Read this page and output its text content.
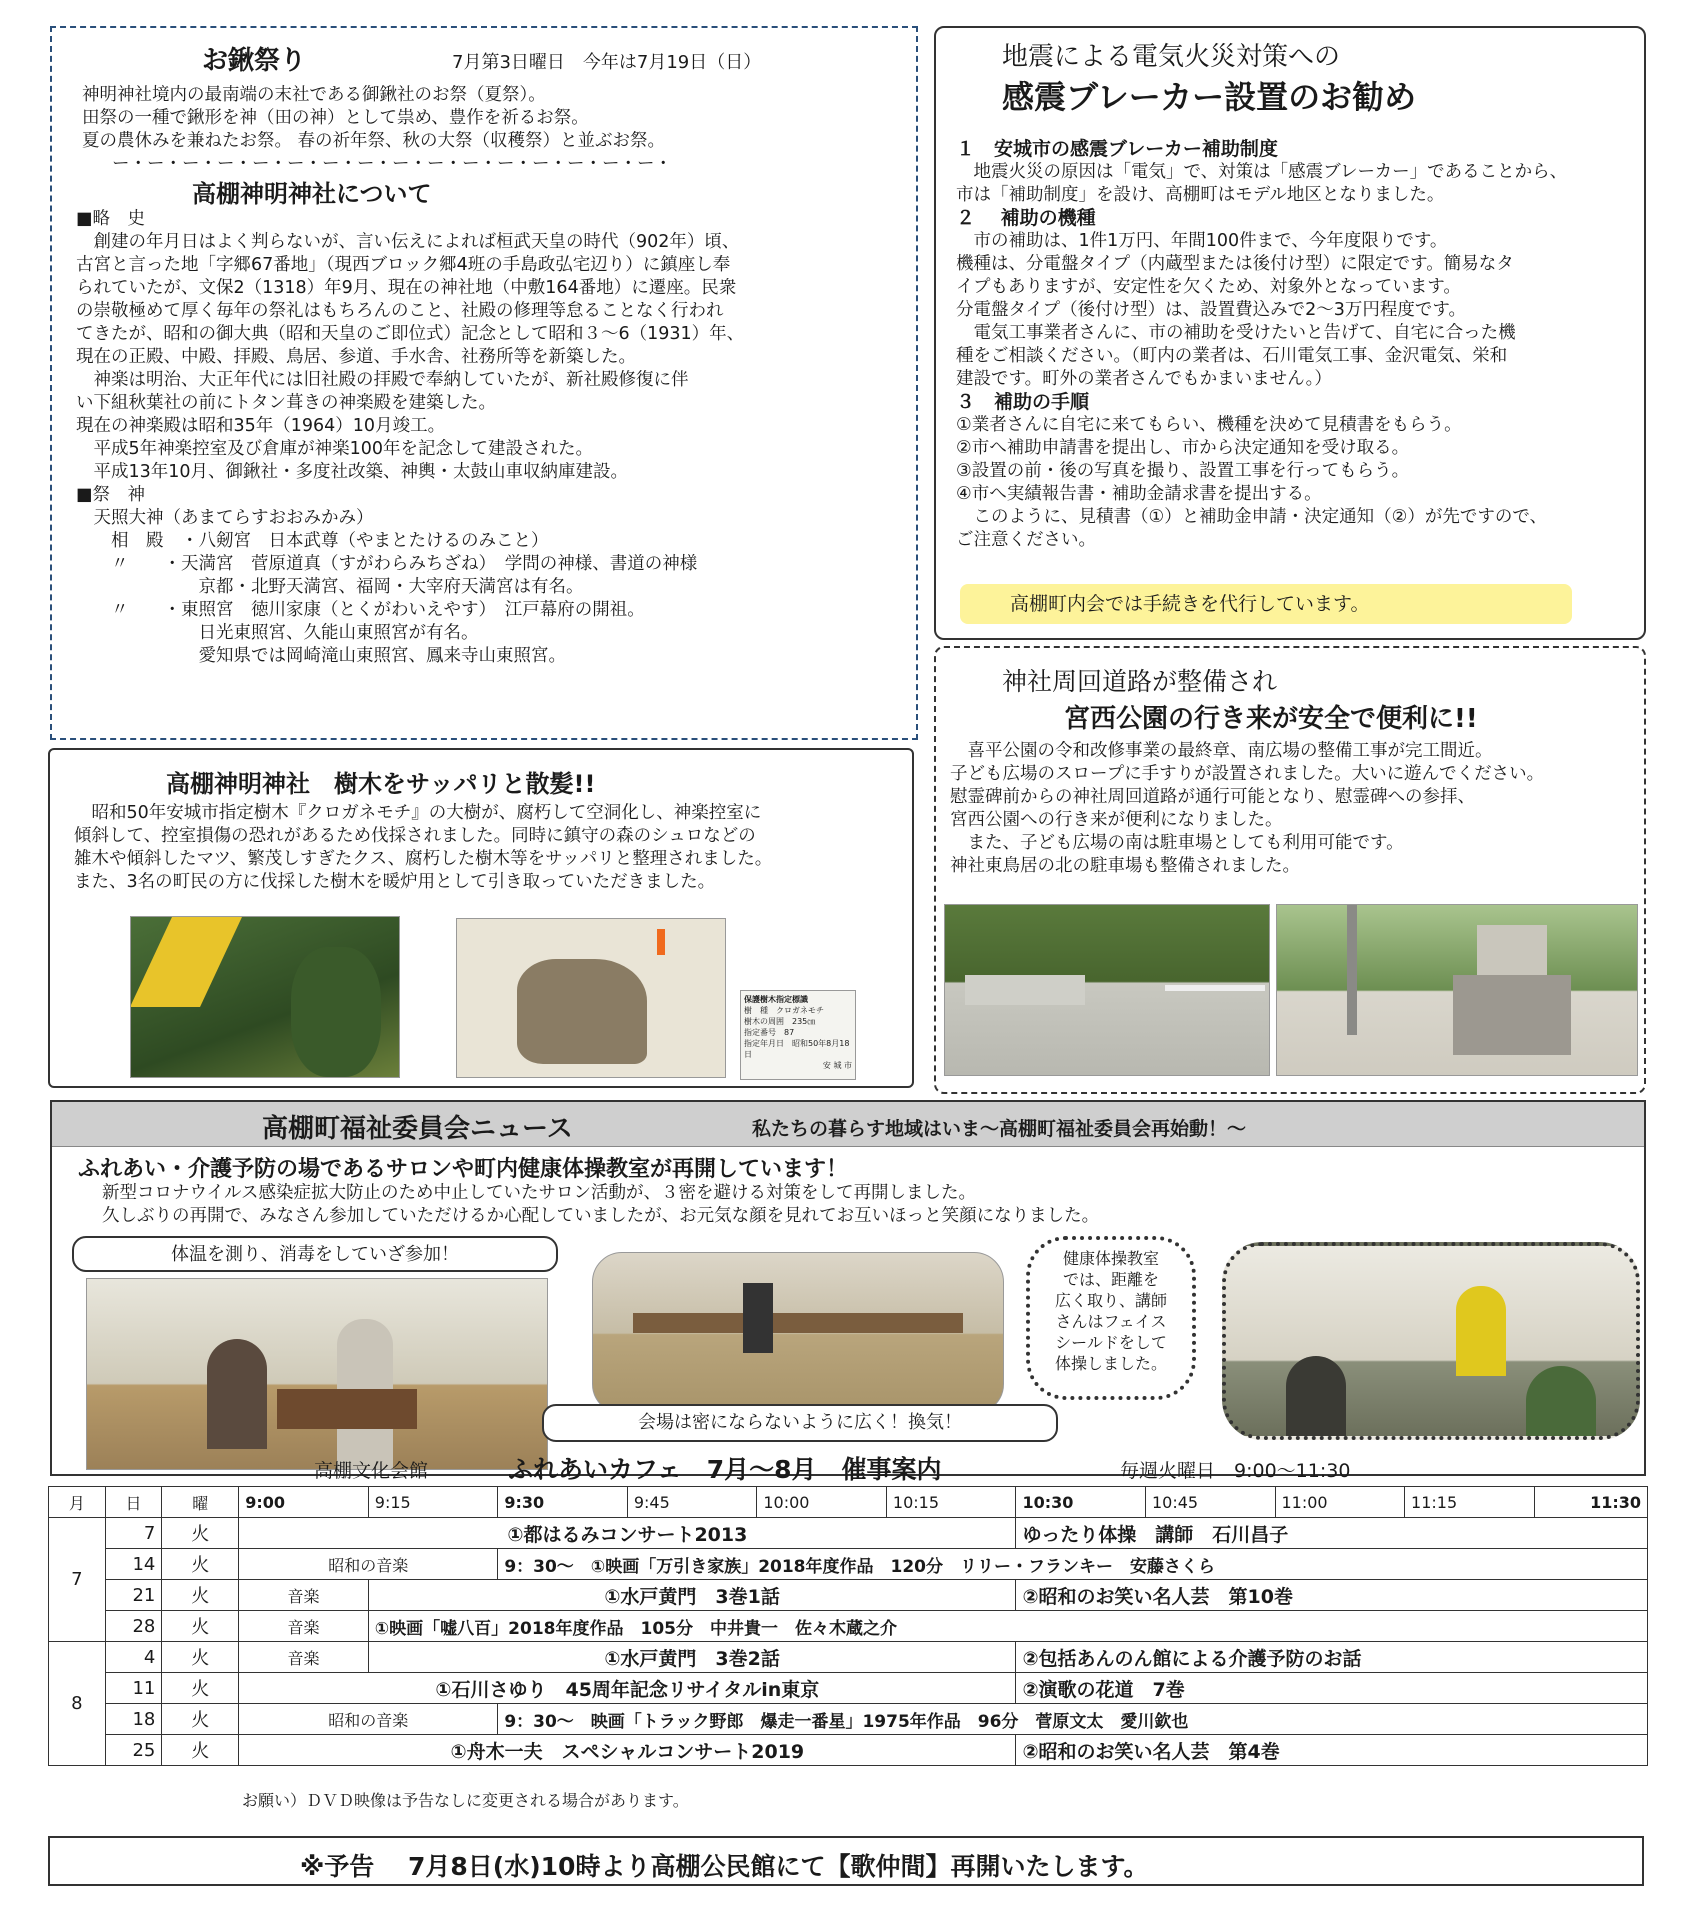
お鍬祭り	7月第3日曜日　今年は7月19日（日）

神明神社境内の最南端の末社である御鍬社のお祭（夏祭）。

田祭の一種で鍬形を神（田の神）として祟め、豊作を祈るお祭。

夏の農休みを兼ねたお祭。 春の祈年祭、秋の大祭（収穫祭）と並ぶお祭。

ー・ー・ー・ー・ー・ー・ー・ー・ー・ー・ー・ー・ー・ー・ー・ー・

高棚神明神社について

■略　史

　創建の年月日はよく判らないが、言い伝えによれば桓武天皇の時代（902年）頃、

古宮と言った地「字郷67番地」（現西ブロック郷4班の手島政弘宅辺り）に鎮座し奉

られていたが、文保2（1318）年9月、現在の神社地（中敷164番地）に遷座。民衆

の崇敬極めて厚く毎年の祭礼はもちろんのこと、社殿の修理等怠ることなく行われ

てきたが、昭和の御大典（昭和天皇のご即位式）記念として昭和３～6（1931）年、

現在の正殿、中殿、拝殿、鳥居、参道、手水舎、社務所等を新築した。

　神楽は明治、大正年代には旧社殿の拝殿で奉納していたが、新社殿修復に伴

い下組秋葉社の前にトタン葺きの神楽殿を建築した。

現在の神楽殿は昭和35年（1964）10月竣工。

　平成5年神楽控室及び倉庫が神楽100年を記念して建設された。

　平成13年10月、御鍬社・多度社改築、神輿・太鼓山車収納庫建設。

■祭　神

　天照大神（あまてらすおおみかみ）

　　相　殿　・八剱宮　日本武尊（やまとたけるのみこと）

　　〃　　・天満宮　菅原道真（すがわらみちざね）　学問の神様、書道の神様

　　　　　　　京都・北野天満宮、福岡・大宰府天満宮は有名。

　　〃　　・東照宮　徳川家康（とくがわいえやす）　江戸幕府の開祖。

　　　　　　　日光東照宮、久能山東照宮が有名。

　　　　　　　愛知県では岡崎滝山東照宮、鳳来寺山東照宮。

高棚神明神社　樹木をサッパリと散髪!!

　昭和50年安城市指定樹木『クロガネモチ』の大樹が、腐朽して空洞化し、神楽控室に

傾斜して、控室損傷の恐れがあるため伐採されました。同時に鎮守の森のシュロなどの

雑木や傾斜したマツ、繁茂しすぎたクス、腐朽した樹木等をサッパリと整理されました。

また、3名の町民の方に伐採した樹木を暖炉用として引き取っていただきました。

保護樹木指定標識
樹　種　クロガネモチ
樹木の周囲　235㎝
指定番号　87
指定年月日　昭和50年8月18日
安 城 市
地震による電気火災対策への
感震ブレーカー設置のお勧め

１　安城市の感震ブレーカー補助制度

　地震火災の原因は「電気」で、対策は「感震ブレーカー」であることから、

市は「補助制度」を設け、高棚町はモデル地区となりました。

２　 補助の機種

　市の補助は、1件1万円、年間100件まで、今年度限りです。

機種は、分電盤タイプ（内蔵型または後付け型）に限定です。簡易なタ

イプもありますが、安定性を欠くため、対象外となっています。

分電盤タイプ（後付け型）は、設置費込みで2～3万円程度です。

　電気工事業者さんに、市の補助を受けたいと告げて、自宅に合った機

種をご相談ください。（町内の業者は、石川電気工事、金沢電気、栄和

建設です。町外の業者さんでもかまいません。）

３　補助の手順

①業者さんに自宅に来てもらい、機種を決めて見積書をもらう。

②市へ補助申請書を提出し、市から決定通知を受け取る。

③設置の前・後の写真を撮り、設置工事を行ってもらう。

④市へ実績報告書・補助金請求書を提出する。

　このように、見積書（①）と補助金申請・決定通知（②）が先ですので、

ご注意ください。

高棚町内会では手続きを代行しています。
神社周回道路が整備され
宮西公園の行き来が安全で便利に!!

　喜平公園の令和改修事業の最終章、南広場の整備工事が完工間近。

子ども広場のスロープに手すりが設置されました。大いに遊んでください。

慰霊碑前からの神社周回道路が通行可能となり、慰霊碑への参拝、

宮西公園への行き来が便利になりました。

　また、子ども広場の南は駐車場としても利用可能です。

神社東鳥居の北の駐車場も整備されました。

高棚町福祉委員会ニュース	私たちの暮らす地域はいま～高棚町福祉委員会再始動！～
ふれあい・介護予防の場であるサロンや町内健康体操教室が再開しています！

新型コロナウイルス感染症拡大防止のため中止していたサロン活動が、３密を避ける対策をして再開しました。

久しぶりの再開で、みなさん参加していただけるか心配していましたが、お元気な顔を見れてお互いほっと笑顔になりました。

体温を測り、消毒をしていざ参加！
会場は密にならないように広く！換気！
健康体操教室
では、距離を
広く取り、講師
さんはフェイス
シールドをして
体操しました。
高棚文化会館	ふれあいカフェ　7月～8月　催事案内	毎週火曜日　9:00～11:30
月	日	曜	9:00	9:15	9:30	9:45	10:00	10:15	10:30	10:45	11:00	11:15	11:30
7	7	火	①都はるみコンサート2013						ゆったり体操　講師　石川昌子				
	14	火	昭和の音楽		9：30～　①映画「万引き家族」2018年度作品　120分　リリー・フランキー　安藤さくら								
	21	火	音楽	①水戸黄門　3巻1話					②昭和のお笑い名人芸　第10巻				
	28	火	音楽	①映画「嘘八百」2018年度作品　105分　中井貴一　佐々木蔵之介									
8	4	火	音楽	①水戸黄門　3巻2話					②包括あんのん館による介護予防のお話				
	11	火	①石川さゆり　45周年記念リサイタルin東京						②演歌の花道　7巻				
	18	火	昭和の音楽		9：30～　映画「トラック野郎　爆走一番星」1975年作品　96分　菅原文太　愛川欽也								
	25	火	①舟木一夫　スペシャルコンサート2019						②昭和のお笑い名人芸　第4巻				
お願い）ＤＶＤ映像は予告なしに変更される場合があります。
※予告　 7月8日(水)10時より高棚公民館にて【歌仲間】再開いたします。
